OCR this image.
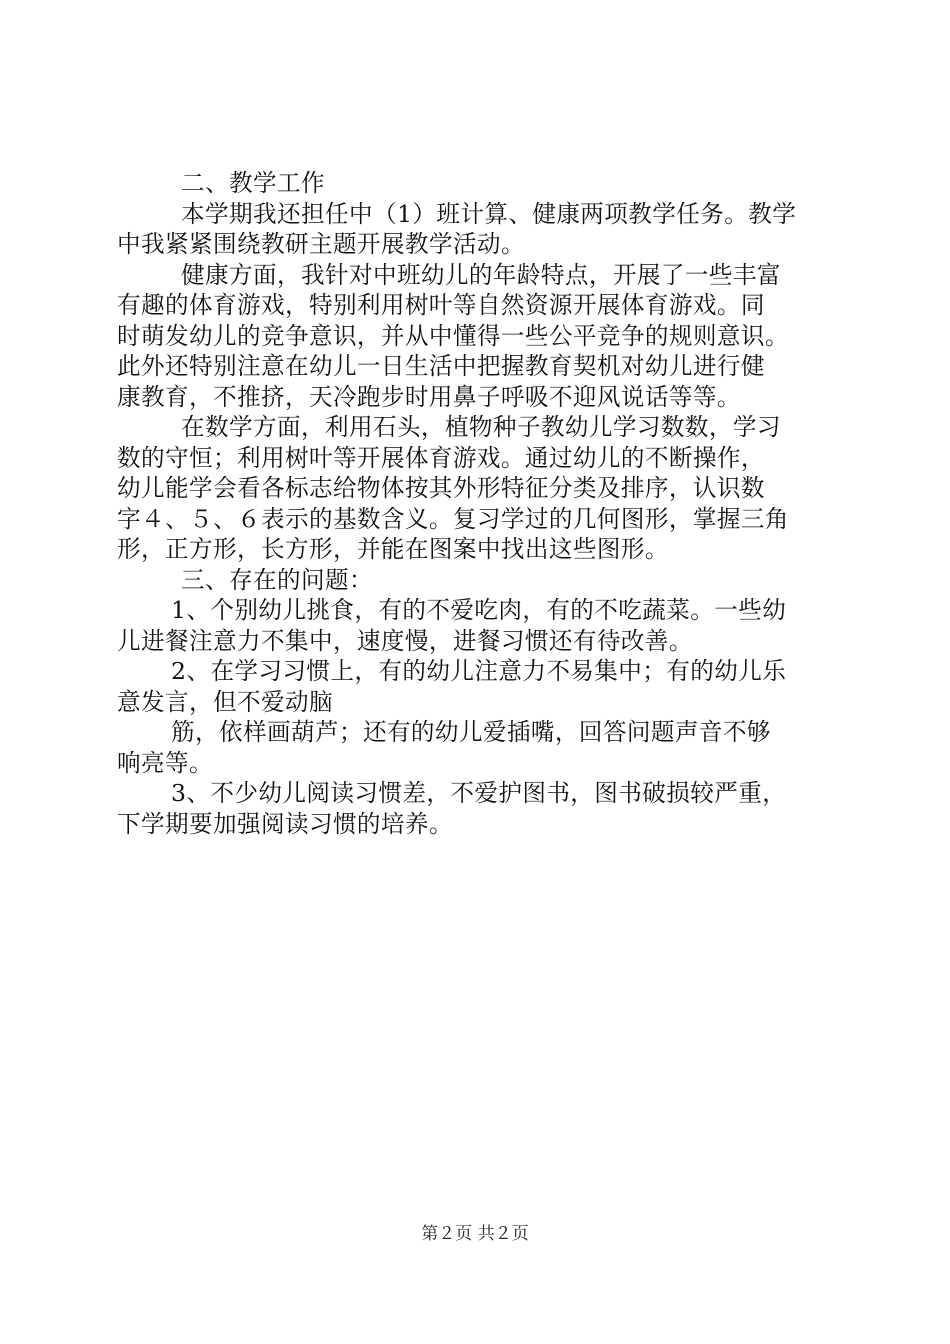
二、教学工作
本学期我还担任中（1）班计算、健康两项教学任务。教学
中我紧紧围绕教研主题开展教学活动。
健康方面，我针对中班幼儿的年龄特点，开展了一些丰富
有趣的体育游戏，特别利用树叶等自然资源开展体育游戏。同
时萌发幼儿的竞争意识，并从中懂得一些公平竞争的规则意识。
此外还特别注意在幼儿一日生活中把握教育契机对幼儿进行健
康教育，不推挤，天冷跑步时用鼻子呼吸不迎风说话等等。
在数学方面，利用石头，植物种子教幼儿学习数数，学习
数的守恒；利用树叶等开展体育游戏。通过幼儿的不断操作，
幼儿能学会看各标志给物体按其外形特征分类及排序，认识数
字４、５、６表示的基数含义。复习学过的几何图形，掌握三角
形，正方形，长方形，并能在图案中找出这些图形。
三、存在的问题：
1、个别幼儿挑食，有的不爱吃肉，有的不吃蔬菜。一些幼
儿进餐注意力不集中，速度慢，进餐习惯还有待改善。
2、在学习习惯上，有的幼儿注意力不易集中；有的幼儿乐
意发言，但不爱动脑
筋，依样画葫芦；还有的幼儿爱插嘴，回答问题声音不够
响亮等。
3、不少幼儿阅读习惯差，不爱护图书，图书破损较严重，
下学期要加强阅读习惯的培养。
第２页 共２页
